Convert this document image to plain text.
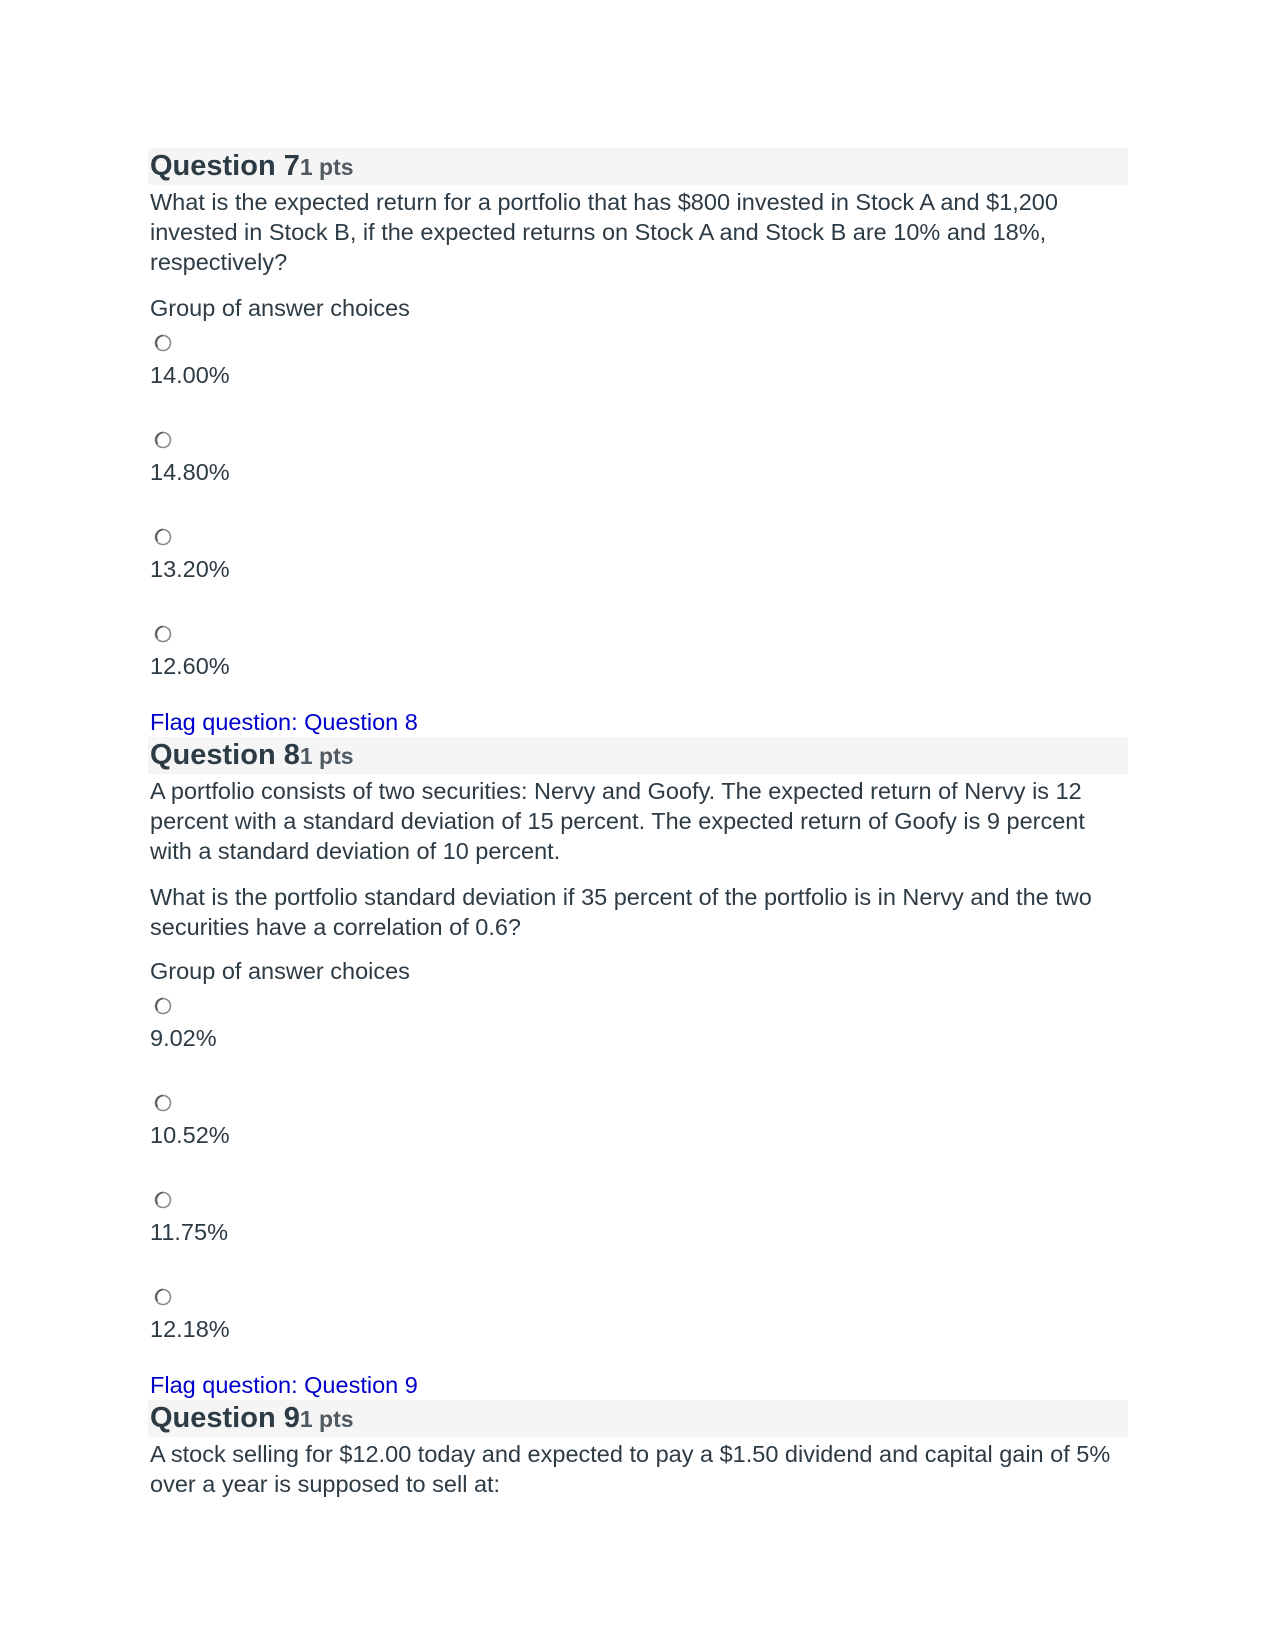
Question 71 pts

What is the expected return for a portfolio that has $800 invested in Stock A and $1,200 invested in Stock B, if the expected returns on Stock A and Stock B are 10% and 18%, respectively?

Group of answer choices
14.00%
14.80%
13.20%
12.60%
Flag question: Question 8
Question 81 pts

A portfolio consists of two securities: Nervy and Goofy. The expected return of Nervy is 12 percent with a standard deviation of 15 percent. The expected return of Goofy is 9 percent with a standard deviation of 10 percent.

What is the portfolio standard deviation if 35 percent of the portfolio is in Nervy and the two securities have a correlation of 0.6?

Group of answer choices
9.02%
10.52%
11.75%
12.18%
Flag question: Question 9
Question 91 pts

A stock selling for $12.00 today and expected to pay a $1.50 dividend and capital gain of 5% over a year is supposed to sell at:
